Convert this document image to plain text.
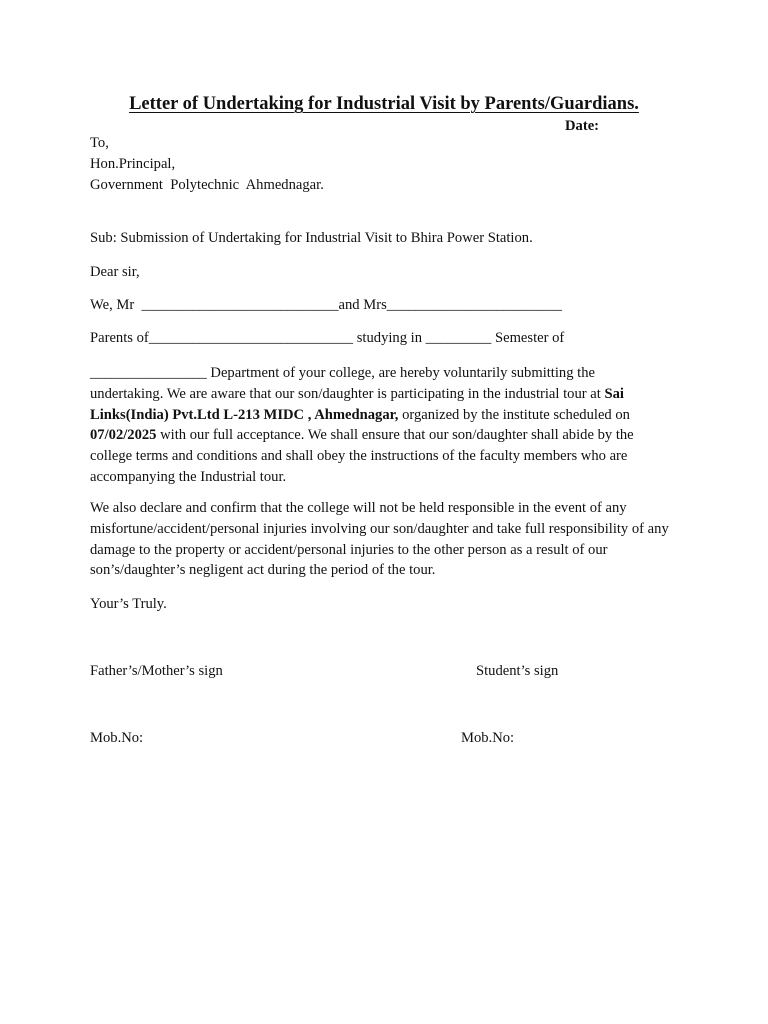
Letter of Undertaking for Industrial Visit by Parents/Guardians.
Date:
To,
Hon.Principal,
Government  Polytechnic  Ahmednagar.
Sub: Submission of Undertaking for Industrial Visit to Bhira Power Station.
Dear sir,
We, Mr  ___________________________and Mrs________________________
Parents of____________________________ studying in _________ Semester of
________________ Department of your college, are hereby voluntarily submitting the undertaking. We are aware that our son/daughter is participating in the industrial tour at Sai Links(India) Pvt.Ltd L-213 MIDC , Ahmednagar, organized by the institute scheduled on 07/02/2025 with our full acceptance. We shall ensure that our son/daughter shall abide by the college terms and conditions and shall obey the instructions of the faculty members who are accompanying the Industrial tour.
We also declare and confirm that the college will not be held responsible in the event of any misfortune/accident/personal injuries involving our son/daughter and take full responsibility of any damage to the property or accident/personal injuries to the other person as a result of our son’s/daughter’s negligent act during the period of the tour.
Your’s Truly.
Father’s/Mother’s sign	Student’s sign
Mob.No:	Mob.No:
